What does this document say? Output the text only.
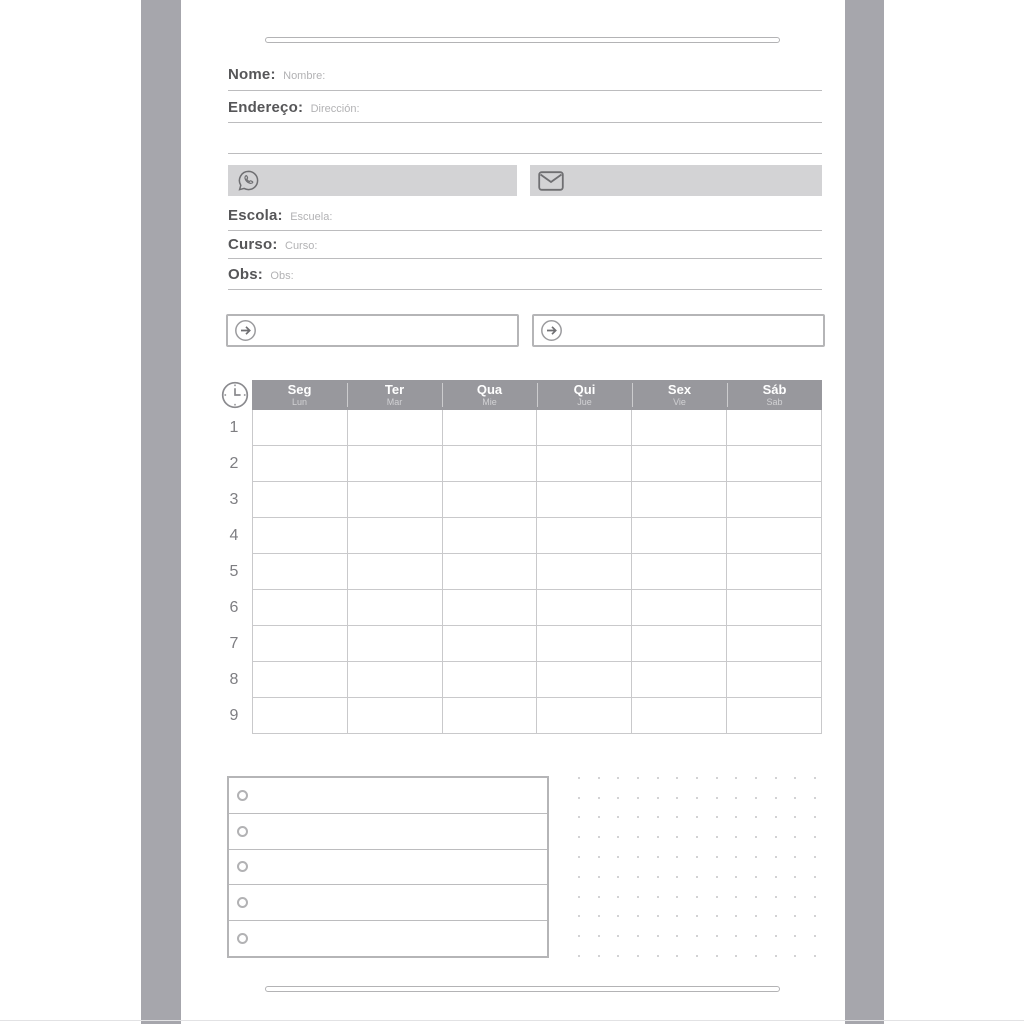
Nome: Nombre:
Endereço: Dirección:
Escola: Escuela:
Curso: Curso:
Obs: Obs:
Seg
Lun
Ter
Mar
Qua
Mie
Qui
Jue
Sex
Vie
Sáb
Sab
1
2
3
4
5
6
7
8
9
